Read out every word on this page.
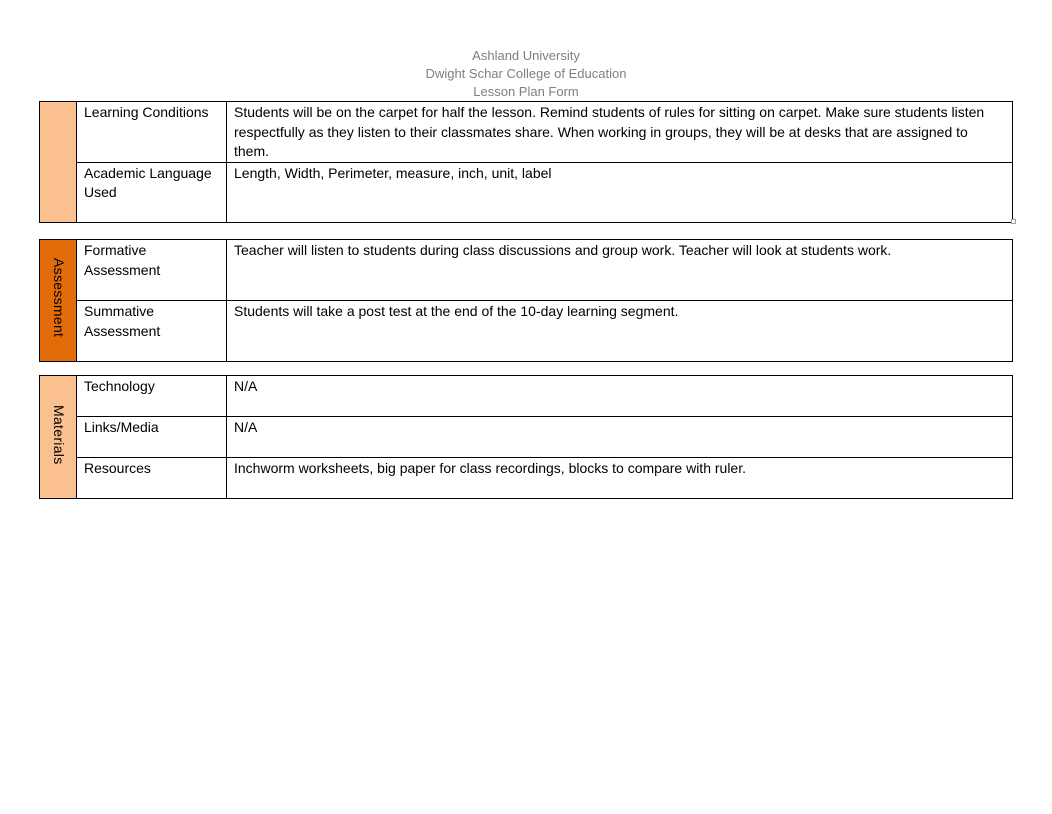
Ashland University
Dwight Schar College of Education
Lesson Plan Form
	Learning Conditions	Students will be on the carpet for half the lesson. Remind students of rules for sitting on carpet. Make sure students listen respectfully as they listen to their classmates share. When working in groups, they will be at desks that are assigned to them.
	Academic Language Used	Length, Width, Perimeter, measure, inch, unit, label
Assessment	Formative Assessment	Teacher will listen to students during class discussions and group work. Teacher will look at students work.
	Summative Assessment	Students will take a post test at the end of the 10-day learning segment.
Materials	Technology	N/A
	Links/Media	N/A
	Resources	Inchworm worksheets, big paper for class recordings, blocks to compare with ruler.
